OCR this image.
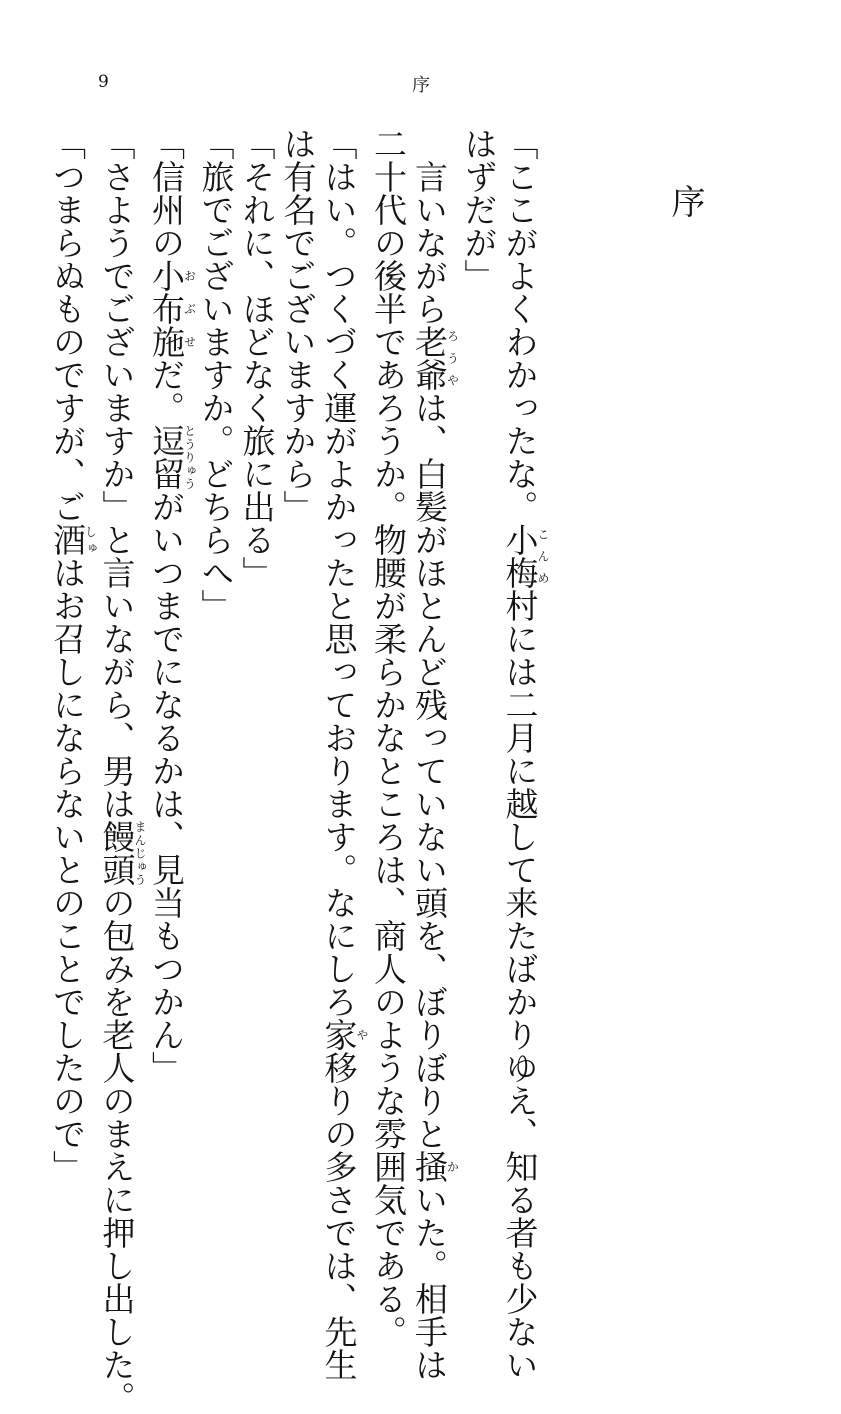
9	序
序
「ここがよくわかったな。小梅こんめ村には二月に越して来たばかりゆえ、知る者も少ない
はずだが」
言いながら老爺ろうやは、白髪がほとんど残っていない頭を、ぼりぼりと掻かいた。相手は
二十代の後半であろうか。物腰が柔らかなところは、商人のような雰囲気である。
「はい。つくづく運がよかったと思っております。なにしろ家や移りの多さでは、先生
は有名でございますから」
「それに、ほどなく旅に出る」
「旅でございますか。どちらへ」
「信州の小布施おぶせだ。逗留とうりゅうがいつまでになるかは、見当もつかん」
「さようでございますか」と言いながら、男は饅頭まんじゅうの包みを老人のまえに押し出した。
「つまらぬものですが、ご酒しゅはお召しにならないとのことでしたので」
